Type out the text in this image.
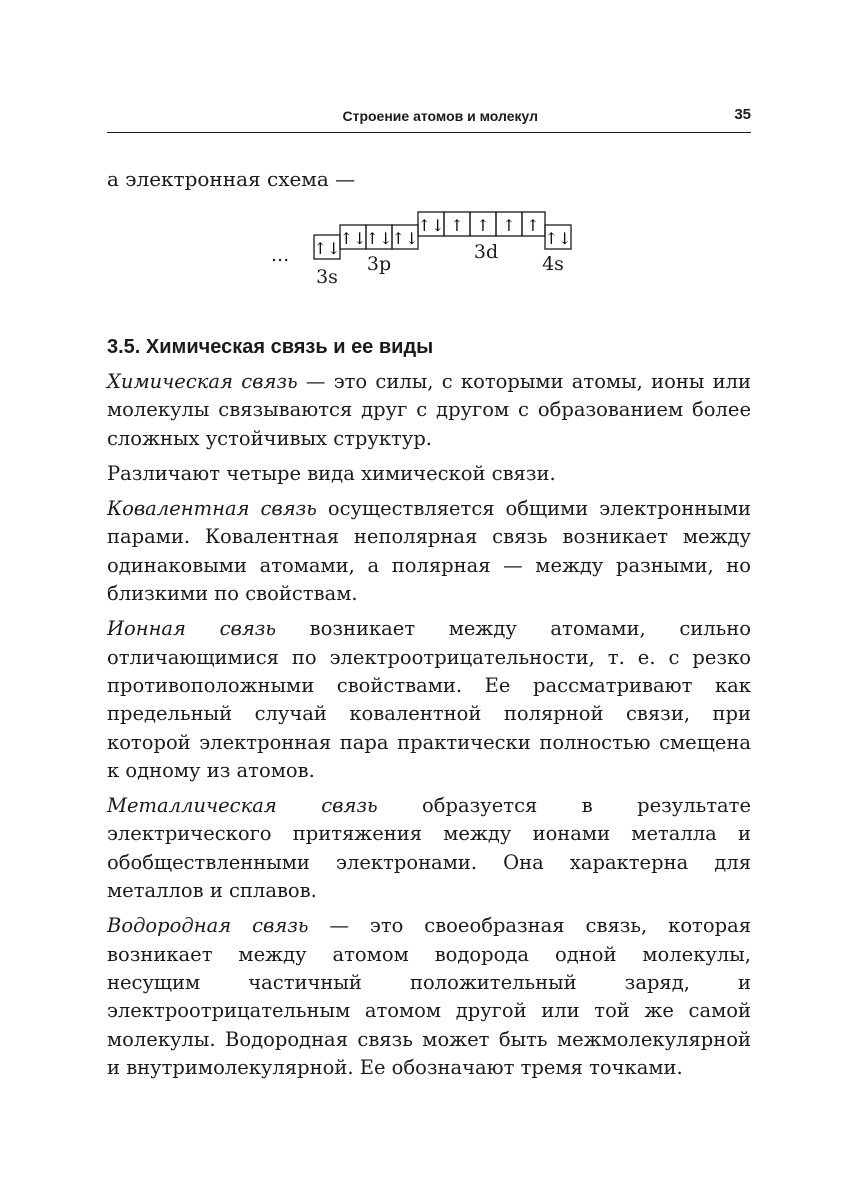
Строение атомов и молекул	35
а электронная схема —
... ↑↓
3s
↑↓ ↑↓ ↑↓
3p
↑↓ ↑ ↑ ↑ ↑
3d
↑↓
4s
3.5. Химическая связь и ее виды

Химическая связь — это силы, с которыми атомы, ионы или молекулы связываются друг с другом с образованием более сложных устойчивых структур.

Различают четыре вида химической связи.

Ковалентная связь осуществляется общими электронными парами. Ковалентная неполярная связь возникает между одинаковыми атомами, а полярная — между разными, но близкими по свойствам.

Ионная связь возникает между атомами, сильно отличающимися по электроотрицательности, т. е. с резко противоположными свойствами. Ее рассматривают как предельный случай ковалентной полярной связи, при которой электронная пара практически полностью смещена к одному из атомов.

Металлическая связь образуется в результате электрического притяжения между ионами металла и обобществленными электронами. Она характерна для металлов и сплавов.

Водородная связь — это своеобразная связь, которая возникает между атомом водорода одной молекулы, несущим частичный положительный заряд, и электроотрицательным атомом другой или той же самой молекулы. Водородная связь может быть межмолекулярной и внутримолекулярной. Ее обозначают тремя точками.
